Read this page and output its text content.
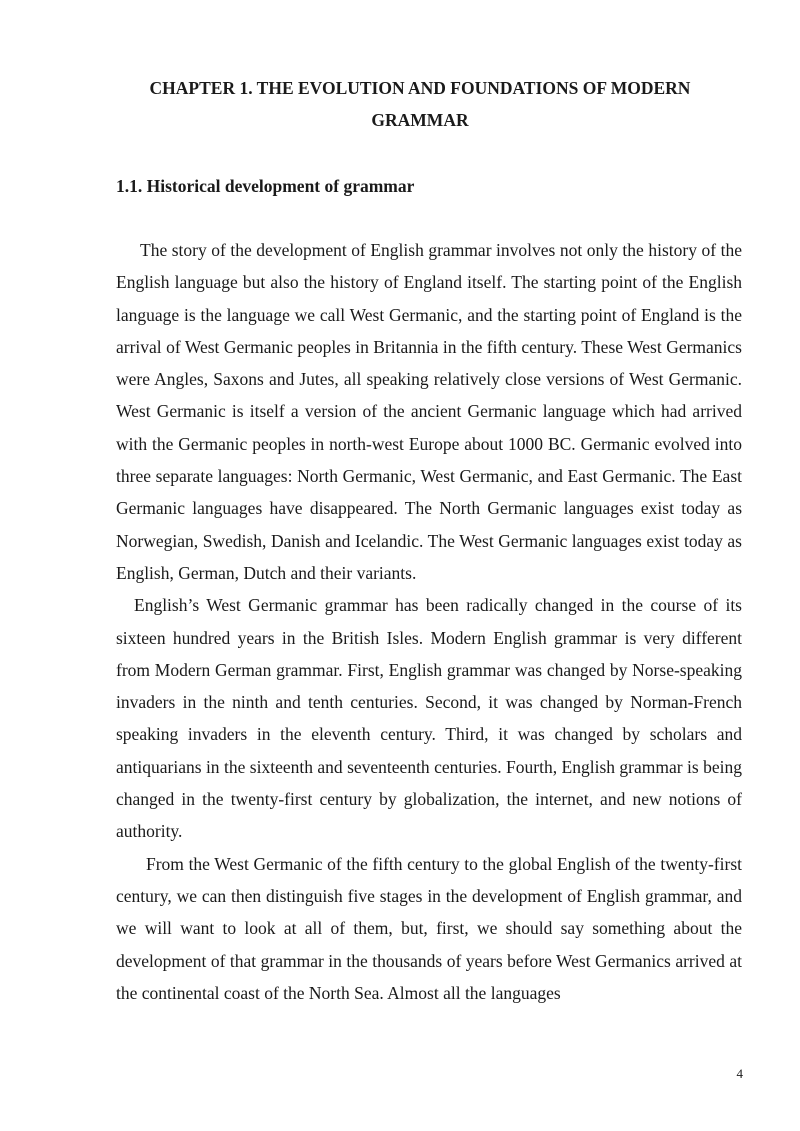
CHAPTER 1. THE EVOLUTION AND FOUNDATIONS OF MODERN GRAMMAR
1.1. Historical development of grammar

The story of the development of English grammar involves not only the history of the English language but also the history of England itself. The starting point of the English language is the language we call West Germanic, and the starting point of England is the arrival of West Germanic peoples in Britannia in the fifth century. These West Germanics were Angles, Saxons and Jutes, all speaking relatively close versions of West Germanic. West Germanic is itself a version of the ancient Germanic language which had arrived with the Germanic peoples in north-west Europe about 1000 BC. Germanic evolved into three separate languages: North Germanic, West Germanic, and East Germanic. The East Germanic languages have disappeared. The North Germanic languages exist today as Norwegian, Swedish, Danish and Icelandic. The West Germanic languages exist today as English, German, Dutch and their variants.

English’s West Germanic grammar has been radically changed in the course of its sixteen hundred years in the British Isles. Modern English grammar is very different from Modern German grammar. First, English grammar was changed by Norse-speaking invaders in the ninth and tenth centuries. Second, it was changed by Norman-French speaking invaders in the eleventh century. Third, it was changed by scholars and antiquarians in the sixteenth and seventeenth centuries. Fourth, English grammar is being changed in the twenty-first century by globalization, the internet, and new notions of authority.

From the West Germanic of the fifth century to the global English of the twenty-first century, we can then distinguish five stages in the development of English grammar, and we will want to look at all of them, but, first, we should say something about the development of that grammar in the thousands of years before West Germanics arrived at the continental coast of the North Sea. Almost all the languages

4
